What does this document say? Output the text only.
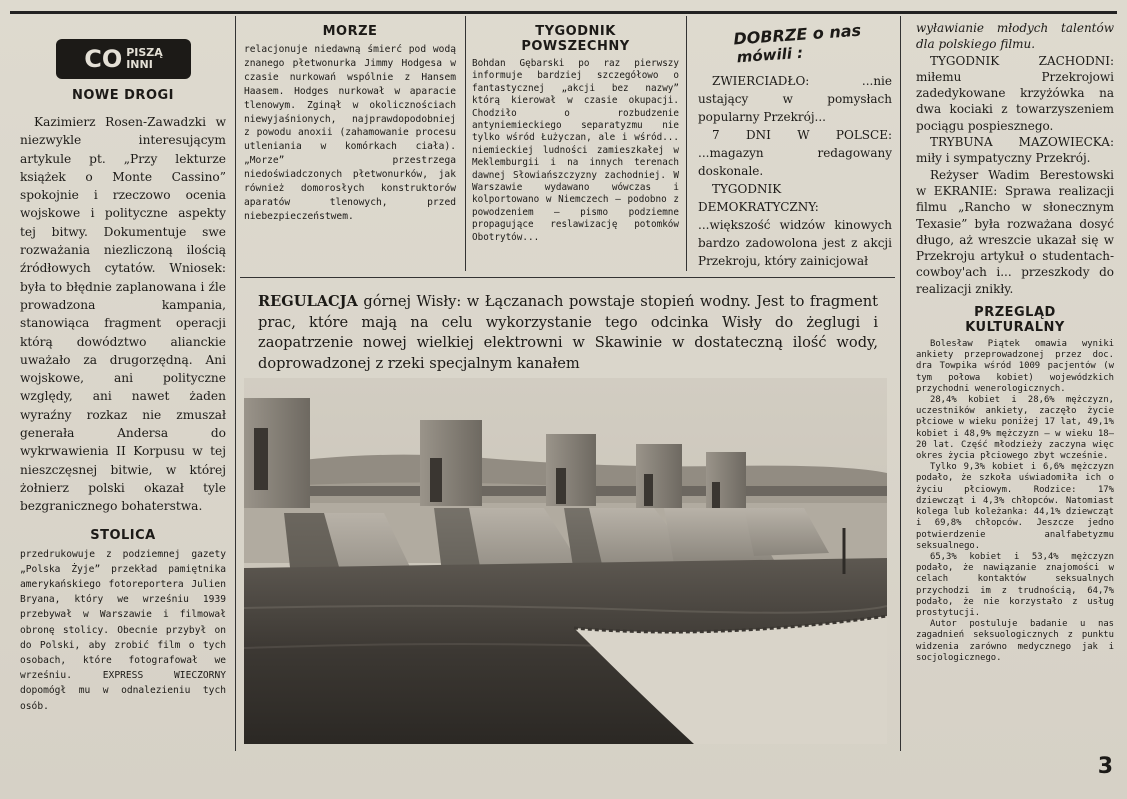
CO PISZĄ
INNI

NOWE DROGI

Kazimierz Rosen-Zawadzki w niezwykle interesującym artykule pt. „Przy lekturze książek o Monte Cassino” spokojnie i rzeczowo ocenia wojskowe i polityczne aspekty tej bitwy. Dokumentuje swe rozważania niezliczoną ilością źródłowych cytatów. Wniosek: była to błędnie zaplanowana i źle prowadzona kampania, stanowiąca fragment operacji którą dowództwo alianckie uważało za drugorzędną. Ani wojskowe, ani polityczne względy, ani nawet żaden wyraźny rozkaz nie zmuszał generała Andersa do wykrwawienia II Korpusu w tej nieszczęsnej bitwie, w której żołnierz polski okazał tyle bezgranicznego bohaterstwa.

STOLICA

przedrukowuje z podziemnej gazety „Polska Żyje” przekład pamiętnika amerykańskiego fotoreportera Julien Bryana, który we wrześniu 1939 przebywał w Warszawie i filmował obronę stolicy. Obecnie przybył on do Polski, aby zrobić film o tych osobach, które fotografował we wrześniu. EXPRESS WIECZORNY dopomógł mu w odnalezieniu tych osób.

MORZE

relacjonuje niedawną śmierć pod wodą znanego płetwonurka Jimmy Hodgesa w czasie nurkowań wspólnie z Hansem Haasem. Hodges nurkował w aparacie tlenowym. Zginął w okolicznościach niewyjaśnionych, najprawdopodobniej z powodu anoxii (zahamowanie procesu utleniania w komórkach ciała). „Morze” przestrzega niedoświadczonych płetwonurków, jak również domorosłych konstruktorów aparatów tlenowych, przed niebezpieczeństwem.

TYGODNIK POWSZECHNY

Bohdan Gębarski po raz pierwszy informuje bardziej szczegółowo o fantastycznej „akcji bez nazwy” którą kierował w czasie okupacji. Chodziło o rozbudzenie antyniemieckiego separatyzmu nie tylko wśród Łużyczan, ale i wśród... niemieckiej ludności zamieszkałej w Meklemburgii i na innych terenach dawnej Słowiańszczyzny zachodniej. W Warszawie wydawano wówczas i kolportowano w Niemczech — podobno z powodzeniem — pismo podziemne propagujące reslawizację potomków Obotrytów...

DOBRZE o nas
mówili :

ZWIERCIADŁO: ...nie ustający w pomysłach popularny Przekrój...

7 DNI W POLSCE: ...magazyn redagowany doskonale.

TYGODNIK DEMOKRATYCZNY: ...większość widzów kinowych bardzo zadowolona jest z akcji Przekroju, który zainicjował

wyławianie młodych talentów dla polskiego filmu.

TYGODNIK ZACHODNI: miłemu Przekrojowi zadedykowane krzyżówka na dwa kociaki z towarzyszeniem pociągu pospiesznego.

TRYBUNA MAZOWIECKA: miły i sympatyczny Przekrój.

Reżyser Wadim Berestowski w EKRANIE: Sprawa realizacji filmu „Rancho w słonecznym Texasie” była rozważana dosyć długo, aż wreszcie ukazał się w Przekroju artykuł o studentach-cowboy'ach i... przeszkody do realizacji znikły.

PRZEGLĄD KULTURALNY

Bolesław Piątek omawia wyniki ankiety przeprowadzonej przez doc. dra Towpika wśród 1009 pacjentów (w tym połowa kobiet) wojewódzkich przychodni wenerologicznych.

28,4% kobiet i 28,6% mężczyzn, uczestników ankiety, zaczęło życie płciowe w wieku poniżej 17 lat, 49,1% kobiet i 48,9% mężczyzn — w wieku 18—20 lat. Część młodzieży zaczyna więc okres życia płciowego zbyt wcześnie.

Tylko 9,3% kobiet i 6,6% mężczyzn podało, że szkoła uświadomiła ich o życiu płciowym. Rodzice: 17% dziewcząt i 4,3% chłopców. Natomiast kolega lub koleżanka: 44,1% dziewcząt i 69,8% chłopców. Jeszcze jedno potwierdzenie analfabetyzmu seksualnego.

65,3% kobiet i 53,4% mężczyzn podało, że nawiązanie znajomości w celach kontaktów seksualnych przychodzi im z trudnością, 64,7% podało, że nie korzystało z usług prostytucji.

Autor postuluje badanie u nas zagadnień seksuologicznych z punktu widzenia zarówno medycznego jak i socjologicznego.

REGULACJA górnej Wisły: w Łączanach powstaje stopień wodny. Jest to fragment prac, które mają na celu wykorzystanie tego odcinka Wisły do żeglugi i zaopatrzenie nowej wielkiej elektrowni w Skawinie w dostateczną ilość wody, doprowadzonej z rzeki specjalnym kanałem

3
